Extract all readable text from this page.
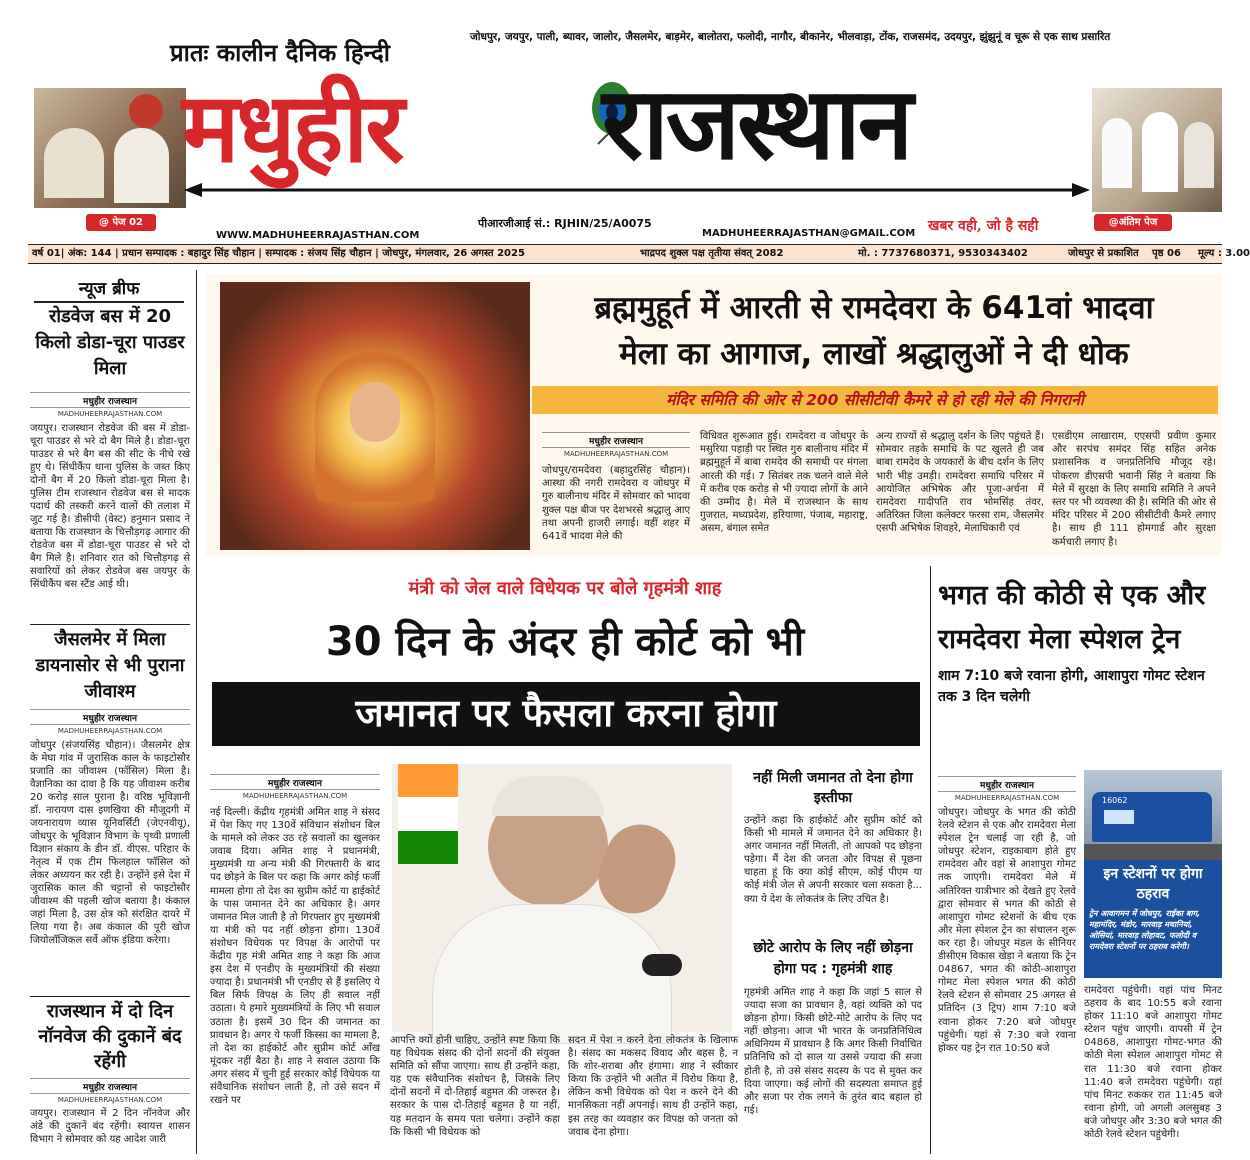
जोधपुर, जयपुर, पाली, ब्यावर, जालोर, जैसलमेर, बाड़मेर, बालोतरा, फलोदी, नागौर, बीकानेर, भीलवाड़ा, टोंक, राजसमंद, उदयपुर, झुंझुनूं व चूरू से एक साथ प्रसारित
@ पेज 02
प्रातः कालीन दैनिक हिन्दी
मधुहीर राजस्थान
@अंतिम पेज
पीआरजीआई सं.: RJHIN/25/A0075
WWW.MADHUHEERRAJASTHAN.COM	MADHUHEERRAJASTHAN@GMAIL.COM खबर वही, जो है सही
वर्ष 01| अंक: 144 | प्रधान सम्पादक : बहादुर सिंह चौहान | सम्पादक : संजय सिंह चौहान | जोधपुर, मंगलवार, 26 अगस्त 2025	भाद्रपद शुक्ल पक्ष तृतीया संवत् 2082	मो. : 7737680371, 9530343402	जोधपुर से प्रकाशित पृष्ठ 06 मूल्य : 3.00
न्यूज ब्रीफ
रोडवेज बस में 20 किलो डोडा-चूरा पाउडर मिला
मधुहीर राजस्थान
MADHUHEERRAJASTHAN.COM
जयपुर। राजस्थान रोडवेज की बस में डोडा-चूरा पाउडर से भरे दो बैग मिले है। डोडा-चूरा पाउडर से भरे बैग बस की सीट के नीचे रखे हुए थे। सिंधीकैंप थाना पुलिस के जब्त किए दोनों बैग में 20 किलो डोडा-चूरा मिला है। पुलिस टीम राजस्थान रोडवेज बस से मादक पदार्थ की तस्करी करने वालों की तलाश में जुट गई है। डीसीपी (वेस्ट) हनुमान प्रसाद ने बताया कि राजस्थान के चित्तौड़गढ़ आगार की रोडवेज बस में डोडा-चूरा पाउडर से भरे दो बैग मिले है। शनिवार रात को चित्तौड़गढ़ से सवारियों को लेकर रोडवेज बस जयपुर के सिंधीकैंप बस स्टैंड आई थी।
जैसलमेर में मिला डायनासोर से भी पुराना जीवाश्म
मधुहीर राजस्थान
MADHUHEERRAJASTHAN.COM
जोधपुर (संजयसिंह चौहान)। जैसलमेर क्षेत्र के मेघा गांव में जुरासिक काल के फाइटोसौर प्रजाति का जीवाश्म (फॉसिल) मिला है। वैज्ञानिका का दावा है कि यह जीवाश्म करीब 20 करोड़ साल पुराना है। वरिष्ठ भूविज्ञानी डॉ. नारायण दास इणखिया की मौजूदगी में जयनारायण व्यास यूनिवर्सिटी (जेएनवीयू), जोधपुर के भूविज्ञान विभाग के पृथ्वी प्रणाली विज्ञान संकाय के डीन डॉ. वीएस. परिहार के नेतृत्व में एक टीम फिलहाल फॉसिल को लेकर अध्ययन कर रही है। उन्होंने इसे देश में जुरासिक काल की चट्टानों से फाइटोसौर जीवाश्म की पहली खोज बताया है। कंकाल जहां मिला है, उस क्षेत्र को संरक्षित दायरे में लिया गया है। अब कंकाल की पूरी खोज जियोलॉजिकल सर्वे ऑफ इंडिया करेगा।
राजस्थान में दो दिन नॉनवेज की दुकानें बंद रहेंगी
मधुहीर राजस्थान
MADHUHEERRAJASTHAN.COM
जयपुर। राजस्थान में 2 दिन नॉनवेज और अंडे की दुकानें बंद रहेंगी। स्वायत्त शासन विभाग ने सोमवार को यह आदेश जारी
ब्रह्ममुहूर्त में आरती से रामदेवरा के 641वां भादवा
मेला का आगाज, लाखों श्रद्धालुओं ने दी धोक
मंदिर समिति की ओर से 200 सीसीटीवी कैमरे से हो रही मेले की निगरानी
मधुहीर राजस्थान
MADHUHEERRAJASTHAN.COM
जोधपुर/रामदेवरा (बहादुरसिंह चौहान)। आस्था की नगरी रामदेवरा व जोधपुर में गुरु बालीनाथ मंदिर में सोमवार को भादवा शुक्ल पक्ष बीज पर देशभरसे श्रद्धालु आए तथा अपनी हाजरी लगाई। वहीं शहर में 641वें भादवा मेले की
विधिवत शुरूआत हुई। रामदेवरा व जोधपुर के मसुरिया पहाड़ी पर स्थित गुरु बालीनाथ मंदिर में ब्रह्ममुहूर्त में बाबा रामदेव की समाधी पर मंगला आरती की गई। 7 सितंबर तक चलने वाले मेले में करीब एक करोड़ से भी ज्यादा लोगों के आने की उम्मीद है। मेले में राजस्थान के साथ गुजरात, मध्यप्रदेश, हरियाणा, पंजाब, महाराष्ट्र, असम, बंगाल समेत
अन्य राज्यों से श्रद्धालु दर्शन के लिए पहुंचते हैं। सोमवार तड़के समाधि के पट खुलते ही जब बाबा रामदेव के जयकारों के बीच दर्शन के लिए भारी भीड़ उमड़ी। रामदेवरा समाधि परिसर में आयोजित अभिषेक और पूजा-अर्चना में रामदेवरा गादीपति राव भोमसिंह तंवर, अतिरिक्त जिला कलेक्टर फरसा राम, जैसलमेर एसपी अभिषेक शिवहरे, मेलाधिकारी एवं
एसडीएम लाखाराम, एएसपी प्रवीण कुमार और सरपंच समंदर सिंह सहित अनेक प्रशासनिक व जनप्रतिनिधि मौजूद रहे। पोकरण डीएसपी भवानी सिंह ने बताया कि मेले में सुरक्षा के लिए समाधि समिति ने अपने स्तर पर भी व्यवस्था की है। समिति की ओर से मंदिर परिसर में 200 सीसीटीवी कैमरे लगाए है। साथ ही 111 होमगार्ड और सुरक्षा कर्मचारी लगाए है।
मंत्री को जेल वाले विधेयक पर बोले गृहमंत्री शाह
30 दिन के अंदर ही कोर्ट को भी
जमानत पर फैसला करना होगा
मधुहीर राजस्थान
MADHUHEERRAJASTHAN.COM
नई दिल्ली। केंद्रीय गृहमंत्री अमित शाह ने संसद में पेश किए गए 130वें संविधान संशोधन बिल के मामले को लेकर उठ रहे सवालों का खुलकर जवाब दिया। अमित शाह ने प्रधानमंत्री, मुख्यमंत्री या अन्य मंत्री की गिरफ्तारी के बाद पद छोड़ने के बिल पर कहा कि अगर कोई फर्जी मामला होगा तो देश का सुप्रीम कोर्ट या हाईकोर्ट के पास जमानत देने का अधिकार है। अगर जमानत मिल जाती है तो गिरफ्तार हुए मुख्यमंत्री या मंत्री को पद नहीं छोड़ना होगा। 130वें संशोधन विधेयक पर विपक्ष के आरोपों पर केंद्रीय गृह मंत्री अमित शाह ने कहा कि आज इस देश में एनडीए के मुख्यमंत्रियों की संख्या ज्यादा है। प्रधानमंत्री भी एनडीए से हैं इसलिए ये बिल सिर्फ विपक्ष के लिए ही सवाल नहीं उठाता। ये हमारे मुख्यमंत्रियों के लिए भी सवाल उठाता है। इसमें 30 दिन की जमानत का प्रावधान है। अगर ये फर्जी किस्सा का मामला है, तो देश का हाईकोर्ट और सुप्रीम कोर्ट आँख मूंदकर नहीं बैठा है। शाह ने सवाल उठाया कि अगर संसद में चुनी हुई सरकार कोई विधेयक या संवैधानिक संशोधन लाती है, तो उसे सदन में रखने पर
आपत्ति क्यों होनी चाहिए, उन्होंने स्पष्ट किया कि यह विधेयक संसद की दोनों सदनों की संयुक्त समिति को सौंपा जाएगा। साथ ही उन्होंने कहा, यह एक संवैधानिक संशोधन है, जिसके लिए दोनों सदनों में दो-तिहाई बहुमत की जरूरत है। सरकार के पास दो-तिहाई बहुमत है या नहीं, यह मतदान के समय पता चलेगा। उन्होंने कहा कि किसी भी विधेयक को
सदन में पेश न करने देना लोकतंत्र के खिलाफ है। संसद का मकसद विवाद और बहस है, न कि शोर-शराबा और हंगामा। शाह ने स्वीकार किया कि उन्होंने भी अतीत में विरोध किया है, लेकिन कभी विधेयक को पेश न करने देने की मानसिकता नहीं अपनाई। साथ ही उन्होंने कहा, इस तरह का व्यवहार कर विपक्ष को जनता को जवाब देना होगा।
नहीं मिली जमानत तो देना होगा इस्तीफा
उन्होंने कहा कि हाईकोर्ट और सुप्रीम कोर्ट को किसी भी मामले में जमानत देने का अधिकार है। अगर जमानत नहीं मिलती, तो आपको पद छोड़ना पड़ेगा। मैं देश की जनता और विपक्ष से पूछना चाहता हूं कि क्या कोई सीएम, कोई पीएम या कोई मंत्री जेल से अपनी सरकार चला सकता है... क्या ये देश के लोकतंत्र के लिए उचित है।
छोटे आरोप के लिए नहीं छोड़ना होगा पद : गृहमंत्री शाह
गृहमंत्री अमित शाह ने कहा कि जहां 5 साल से ज्यादा सजा का प्रावधान है, वहां व्यक्ति को पद छोड़ना होगा। किसी छोटे-मोटे आरोप के लिए पद नहीं छोड़ना। आज भी भारत के जनप्रतिनिधित्व अधिनियम में प्रावधान है कि अगर किसी निर्वाचित प्रतिनिधि को दो साल या उससे ज्यादा की सजा होती है, तो उसे संसद सदस्य के पद से मुक्त कर दिया जाएगा। कई लोगों की सदस्यता समाप्त हुई और सजा पर रोक लगने के तुरंत बाद बहाल हो गई।
भगत की कोठी से एक और रामदेवरा मेला स्पेशल ट्रेन
शाम 7:10 बजे रवाना होगी, आशापुरा गोमट स्टेशन तक 3 दिन चलेगी
मधुहीर राजस्थान
MADHUHEERRAJASTHAN.COM
जोधपुर। जोधपुर के भगत की कोठी रेलवे स्टेशन से एक और रामदेवरा मेला स्पेशल ट्रेन चलाई जा रही है, जो जोधपुर स्टेशन, राइकाबाग होते हुए रामदेवरा और वहां से आशापुरा गोमट तक जाएगी। रामदेवरा मेले में अतिरिक्त यात्रीभार को देखते हुए रेलवे द्वारा सोमवार से भगत की कोठी से आशापुरा गोमट स्टेशनों के बीच एक और मेला स्पेशल ट्रेन का संचालन शुरू कर रहा है। जोधपुर मंडल के सीनियर डीसीएम विकास खेड़ा ने बताया कि ट्रेन 04867, भगत की कोठी-आशापुरा गोमट मेला स्पेशल भगत की कोठी रेलवे स्टेशन से सोमवार 25 अगस्त से प्रतिदिन (3 ट्रिप) शाम 7:10 बजे रवाना होकर 7:20 बजे जोधपुर पहुंचेगी। यहां से 7:30 बजे रवाना होकर यह ट्रेन रात 10:50 बजे
16062
इन स्टेशनों पर होगा ठहराव
ट्रेन आवागमन में जोधपुर, राईका बाग, महामंदिर, मंडोर, मारवाड़ मथानियां, ओसियां, मारवाड़ लोहावट, फलोदी व रामदेवरा स्टेशनों पर ठहराव करेगी।
रामदेवरा पहुंचेगी। यहां पांच मिनट ठहराव के बाद 10:55 बजे रवाना होकर 11:10 बजे आशापुरा गोमट स्टेशन पहुंच जाएगी। वापसी में ट्रेन 04868, आशापुरा गोमट-भगत की कोठी मेला स्पेशल आशापुरा गोमट से रात 11:30 बजे रवाना होकर 11:40 बजे रामदेवरा पहुंचेगी। यहां पांच मिनट रुककर रात 11:45 बजे रवाना होगी, जो अगली अलसुबह 3 बजे जोधपुर और 3:30 बजे भगत की कोठी रेलवे स्टेशन पहुंचेगी।
